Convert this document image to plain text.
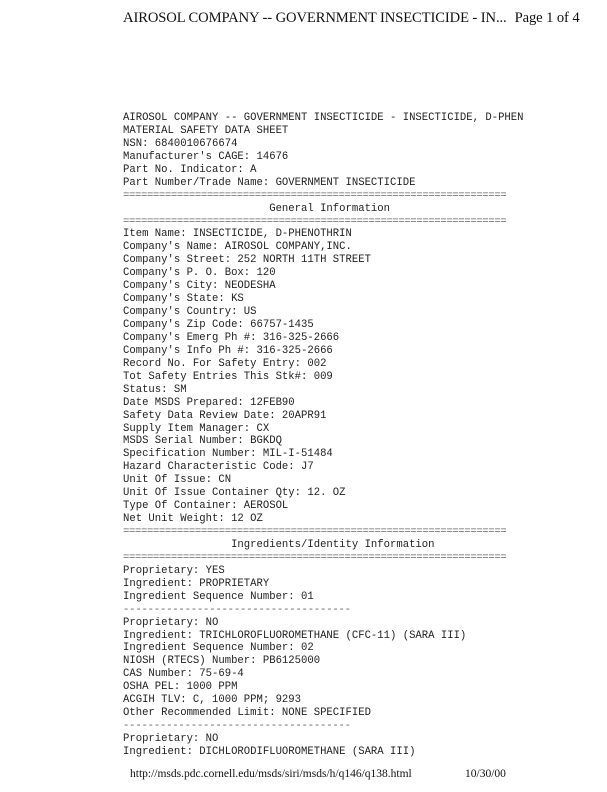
AIROSOL COMPANY -- GOVERNMENT INSECTICIDE - IN... Page 1 of 4
AIROSOL COMPANY -- GOVERNMENT INSECTICIDE - INSECTICIDE, D-PHEN
MATERIAL SAFETY DATA SHEET
NSN: 6840010676674
Manufacturer's CAGE: 14676
Part No. Indicator: A
Part Number/Trade Name: GOVERNMENT INSECTICIDE
================================================================
General Information
================================================================
Item Name: INSECTICIDE, D-PHENOTHRIN
Company's Name: AIROSOL COMPANY,INC.
Company's Street: 252 NORTH 11TH STREET
Company's P. O. Box: 120
Company's City: NEODESHA
Company's State: KS
Company's Country: US
Company's Zip Code: 66757-1435
Company's Emerg Ph #: 316-325-2666
Company's Info Ph #: 316-325-2666
Record No. For Safety Entry: 002
Tot Safety Entries This Stk#: 009
Status: SM
Date MSDS Prepared: 12FEB90
Safety Data Review Date: 20APR91
Supply Item Manager: CX
MSDS Serial Number: BGKDQ
Specification Number: MIL-I-51484
Hazard Characteristic Code: J7
Unit Of Issue: CN
Unit Of Issue Container Qty: 12. OZ
Type Of Container: AEROSOL
Net Unit Weight: 12 OZ
================================================================
Ingredients/Identity Information
================================================================
Proprietary: YES
Ingredient: PROPRIETARY
Ingredient Sequence Number: 01
-------------------------------------
Proprietary: NO
Ingredient: TRICHLOROFLUOROMETHANE (CFC-11) (SARA III)
Ingredient Sequence Number: 02
NIOSH (RTECS) Number: PB6125000
CAS Number: 75-69-4
OSHA PEL: 1000 PPM
ACGIH TLV: C, 1000 PPM; 9293
Other Recommended Limit: NONE SPECIFIED
-------------------------------------
Proprietary: NO
Ingredient: DICHLORODIFLUOROMETHANE (SARA III)
http://msds.pdc.cornell.edu/msds/siri/msds/h/q146/q138.html	10/30/00
